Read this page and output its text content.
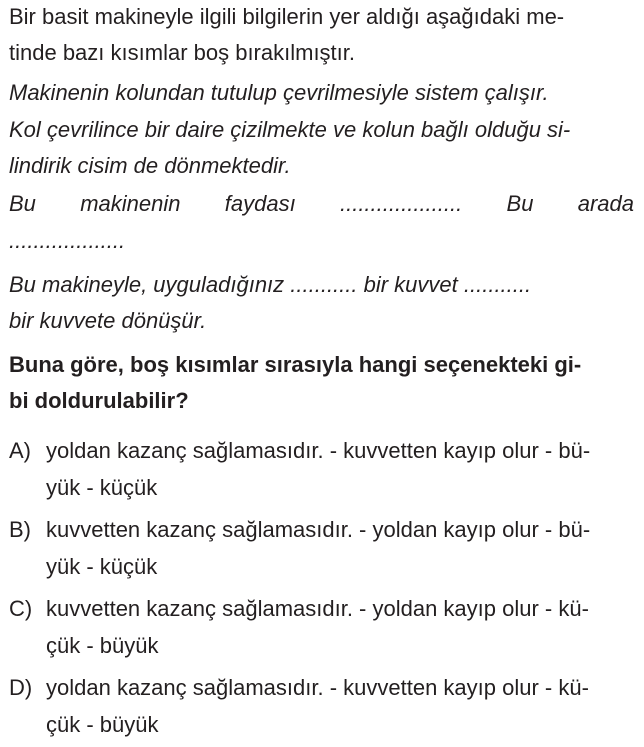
Bir basit makineyle ilgili bilgilerin yer aldığı aşağıdaki me-
tinde bazı kısımlar boş bırakılmıştır.
Makinenin kolundan tutulup çevrilmesiyle sistem çalışır.
Kol çevrilince bir daire çizilmekte ve kolun bağlı olduğu si-
lindirik cisim de dönmektedir.
Bu makinenin faydası .................... Bu arada
...................
Bu makineyle, uyguladığınız ........... bir kuvvet ...........
bir kuvvete dönüşür.
Buna göre, boş kısımlar sırasıyla hangi seçenekteki gi-
bi doldurulabilir?
A) yoldan kazanç sağlamasıdır. - kuvvetten kayıp olur - bü-
yük - küçük
B) kuvvetten kazanç sağlamasıdır. - yoldan kayıp olur - bü-
yük - küçük
C) kuvvetten kazanç sağlamasıdır. - yoldan kayıp olur - kü-
çük - büyük
D) yoldan kazanç sağlamasıdır. - kuvvetten kayıp olur - kü-
çük - büyük
